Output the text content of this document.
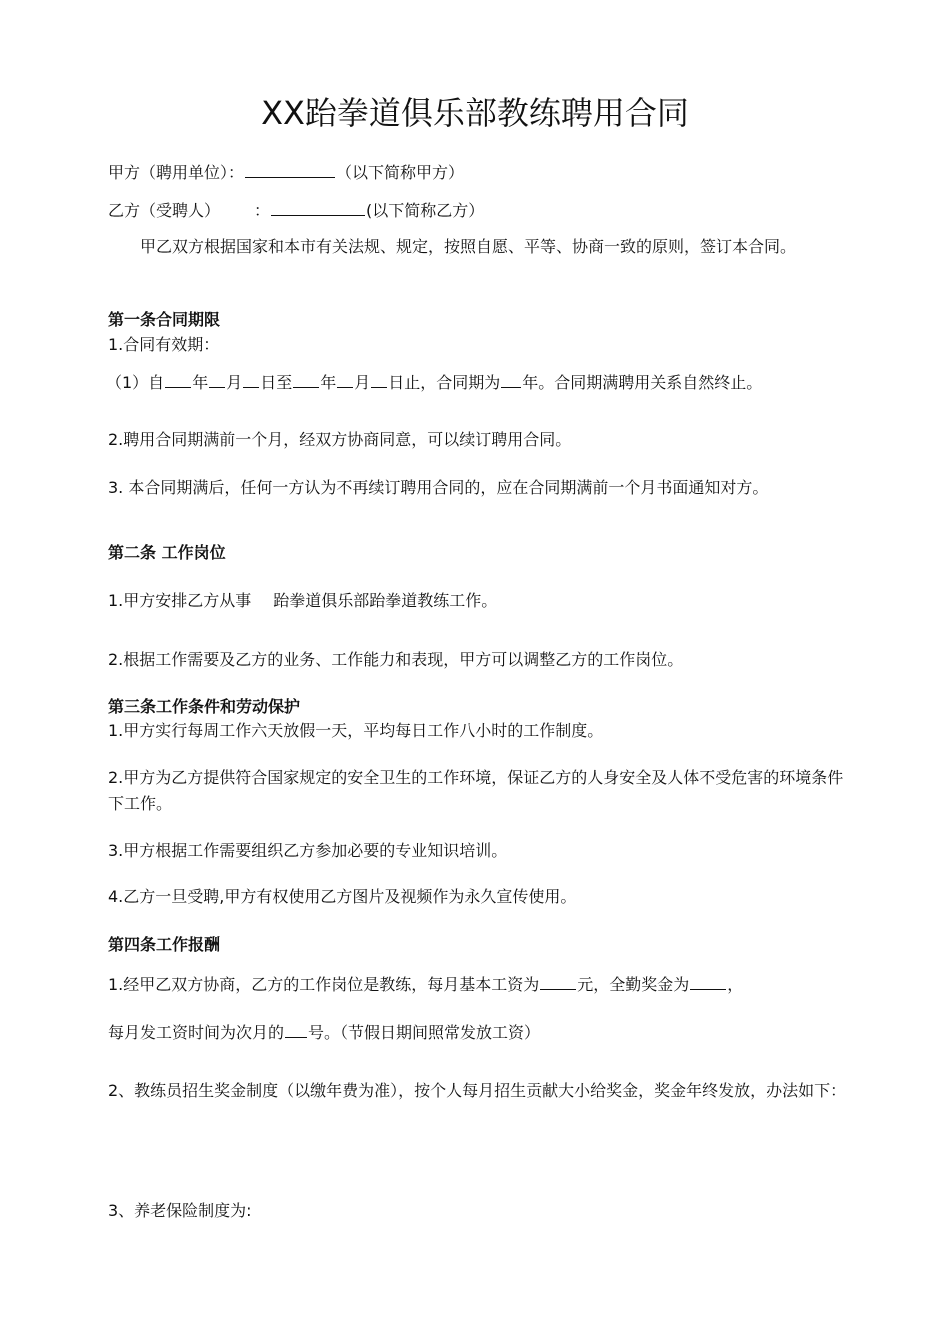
XX跆拳道俱乐部教练聘用合同
甲方（聘用单位）：	（以下简称甲方）
乙方（受聘人） ：	(以下简称乙方）
甲乙双方根据国家和本市有关法规、规定，按照自愿、平等、协商一致的原则，签订本合同。
第一条合同期限
1.合同有效期：
（1）自 年 月 日至 年 月 日止，合同期为 年。合同期满聘用关系自然终止。
2.聘用合同期满前一个月，经双方协商同意，可以续订聘用合同。
3. 本合同期满后，任何一方认为不再续订聘用合同的，应在合同期满前一个月书面通知对方。
第二条 工作岗位
1.甲方安排乙方从事 跆拳道俱乐部跆拳道教练工作。
2.根据工作需要及乙方的业务、工作能力和表现，甲方可以调整乙方的工作岗位。
第三条工作条件和劳动保护
1.甲方实行每周工作六天放假一天，平均每日工作八小时的工作制度。
2.甲方为乙方提供符合国家规定的安全卫生的工作环境，保证乙方的人身安全及人体不受危害的环境条件下工作。
3.甲方根据工作需要组织乙方参加必要的专业知识培训。
4.乙方一旦受聘,甲方有权使用乙方图片及视频作为永久宣传使用。
第四条工作报酬
1.经甲乙双方协商，乙方的工作岗位是教练，每月基本工资为 元，全勤奖金为 ，
每月发工资时间为次月的 号。（节假日期间照常发放工资）
2、教练员招生奖金制度（以缴年费为准），按个人每月招生贡献大小给奖金，奖金年终发放，办法如下：
3、养老保险制度为:
